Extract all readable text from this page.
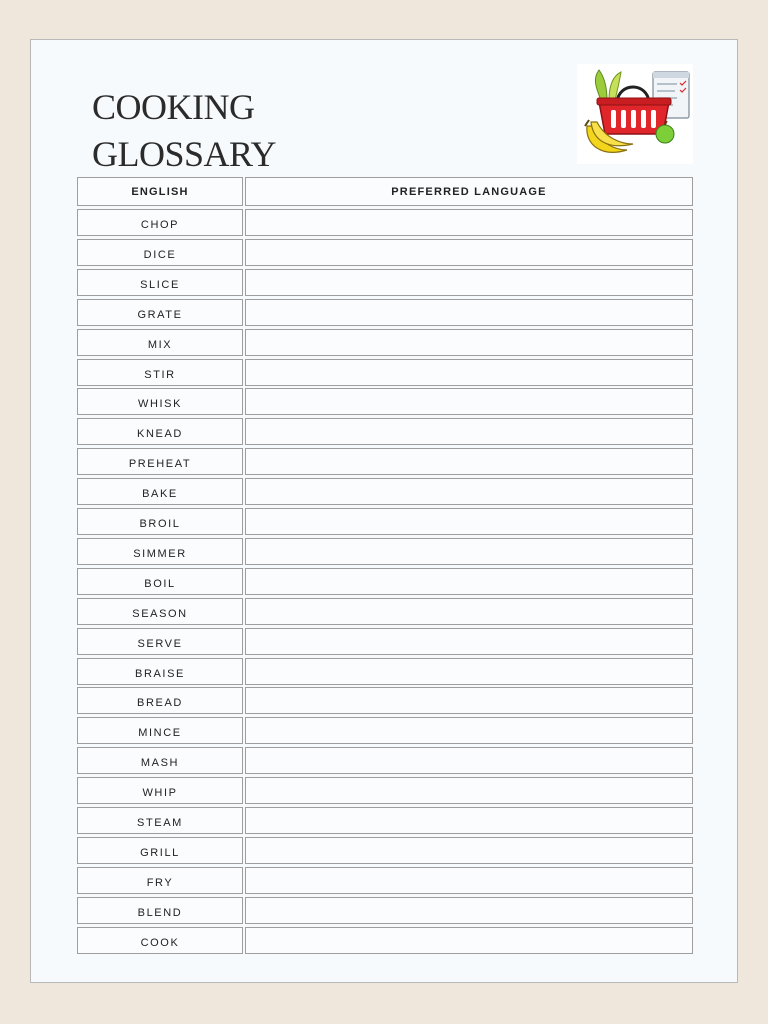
COOKING
GLOSSARY
ENGLISH	PREFERRED LANGUAGE
CHOP
DICE
SLICE
GRATE
MIX
STIR
WHISK
KNEAD
PREHEAT
BAKE
BROIL
SIMMER
BOIL
SEASON
SERVE
BRAISE
BREAD
MINCE
MASH
WHIP
STEAM
GRILL
FRY
BLEND
COOK
